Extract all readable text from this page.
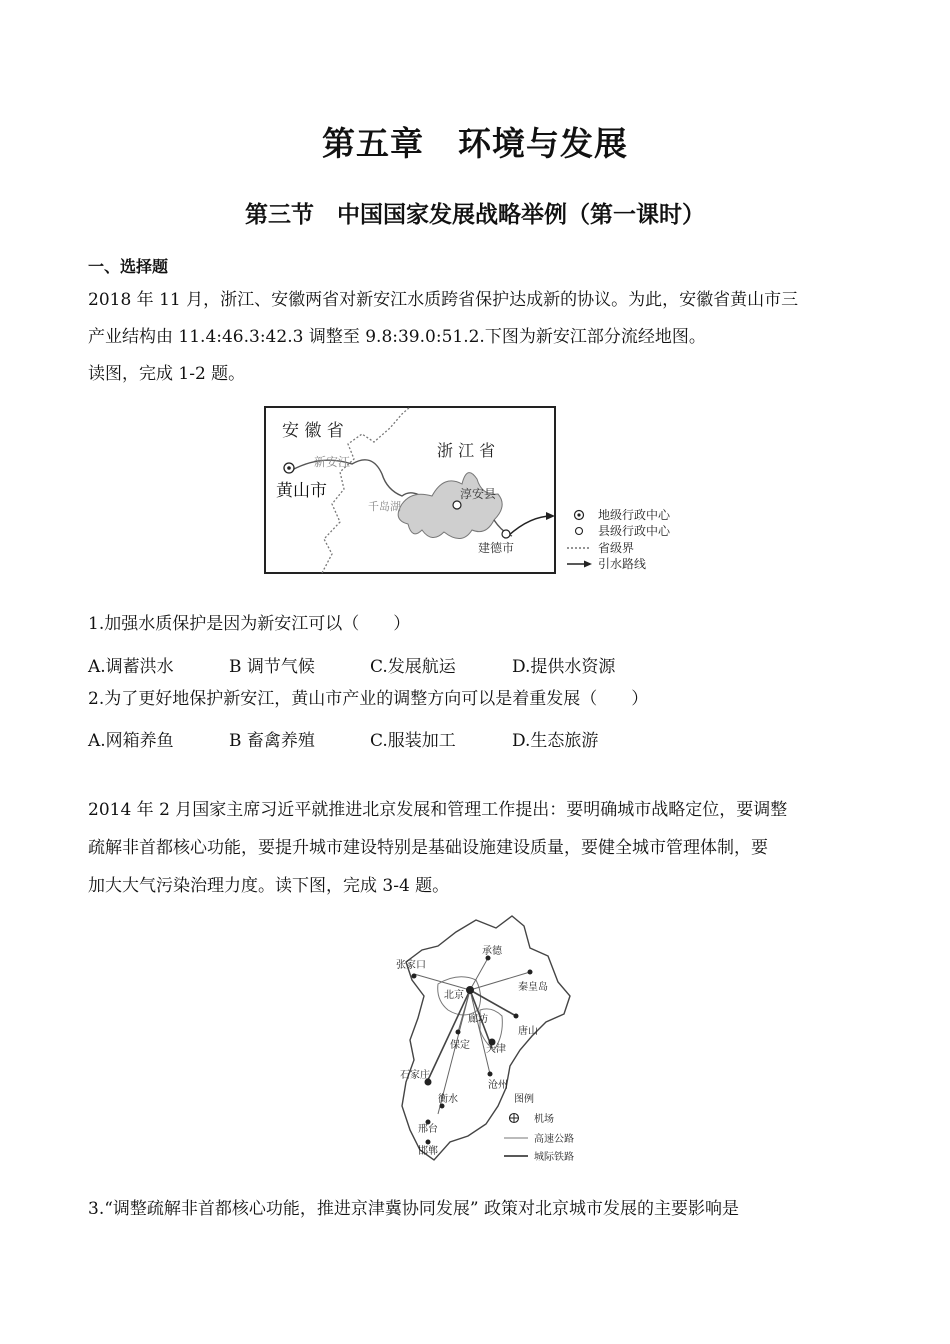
第五章　环境与发展
第三节　中国国家发展战略举例（第一课时）
一、选择题
2018 年 11 月，浙江、安徽两省对新安江水质跨省保护达成新的协议。为此，安徽省黄山市三
产业结构由 11.4:46.3:42.3 调整至 9.8:39.0:51.2.下图为新安江部分流经地图。
读图，完成 1-2 题。
安 徽 省
浙 江 省
新安江
黄山市
千岛湖
淳安县
建德市
地级行政中心
县级行政中心
省级界
引水路线
1.加强水质保护是因为新安江可以（　　）
A.调蓄洪水	B 调节气候	C.发展航运	D.提供水资源
2.为了更好地保护新安江，黄山市产业的调整方向可以是着重发展（　　）
A.网箱养鱼	B 畜禽养殖	C.服装加工	D.生态旅游
2014 年 2 月国家主席习近平就推进北京发展和管理工作提出：要明确城市战略定位，要调整
疏解非首都核心功能，要提升城市建设特别是基础设施建设质量，要健全城市管理体制，要
加大大气污染治理力度。读下图，完成 3-4 题。
承德
张家口
秦皇岛
北京
唐山
廊坊
天津
保定
沧州
石家庄
衡水
邢台
邯郸
图例
机场
高速公路
城际铁路
3.“调整疏解非首都核心功能，推进京津冀协同发展” 政策对北京城市发展的主要影响是
